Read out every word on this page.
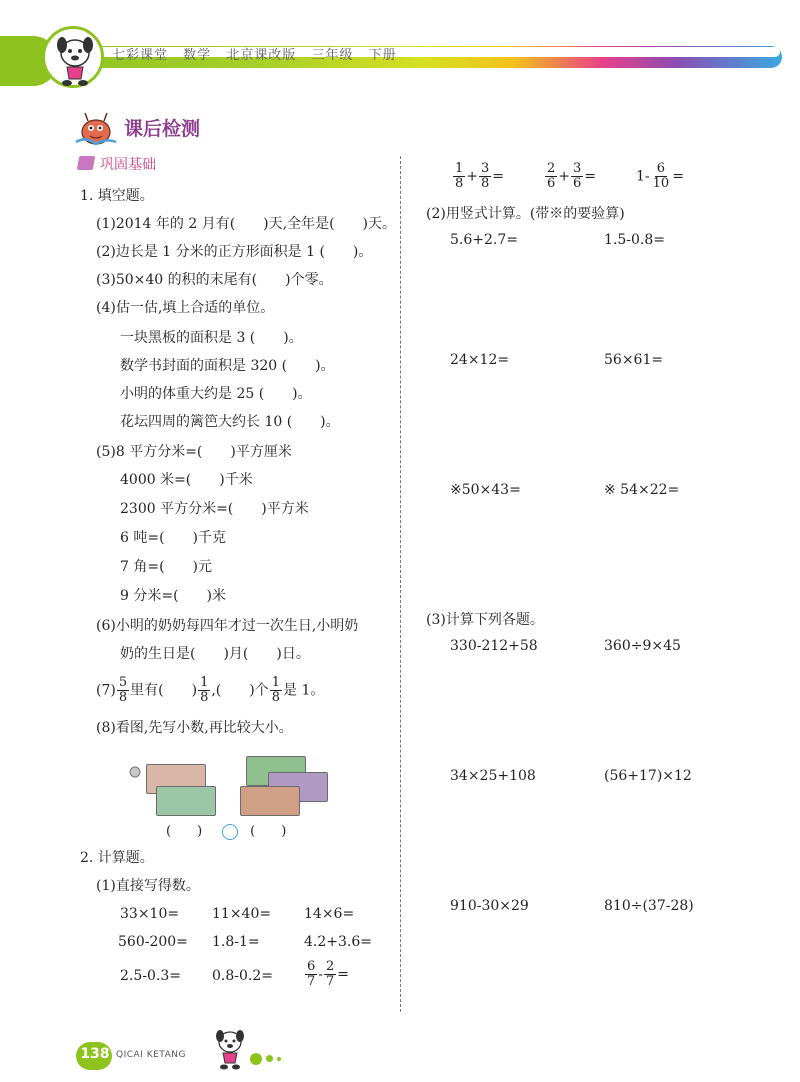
七彩课堂 数学 北京课改版 三年级 下册
课后检测
巩固基础
1. 填空题。
(1)2014 年的 2 月有(　　)天,全年是(　　)天。
(2)边长是 1 分米的正方形面积是 1 (　　)。
(3)50×40 的积的末尾有(　　)个零。
(4)估一估,填上合适的单位。
一块黑板的面积是 3 (　　)。
数学书封面的面积是 320 (　　)。
小明的体重大约是 25 (　　)。
花坛四周的篱笆大约长 10 (　　)。
(5)8 平方分米=(　　)平方厘米
4000 米=(　　)千米
2300 平方分米=(　　)平方米
6 吨=(　　)千克
7 角=(　　)元
9 分米=(　　)米
(6)小明的奶奶每四年才过一次生日,小明奶
奶的生日是(　　)月(　　)日。
$(7) \frac{5}{8}$ 里有(　　) $\frac{1}{8}$ ,(　　)个 $\frac{1}{8}$ 是 1。
(8)看图,先写小数,再比较大小。
(　　)	(　　)
2. 计算题。
(1)直接写得数。
33×10= 11×40= 14×6=
560-200= 1.8-1=	4.2+3.6=
$2.5-0.3= 0.8-0.2= \frac{6}{7} - \frac{2}{7}$ =
$\frac{1}{8} + \frac{3}{8}$ =	$\frac{2}{6} + \frac{3}{6}$ =	$1- \frac{6}{10}$ =
(2)用竖式计算。(带※的要验算)
5.6+2.7=	1.5-0.8=
24×12=	56×61=
※50×43=	※ 54×22=
(3)计算下列各题。
330-212+58	360÷9×45
34×25+108	(56+17)×12
910-30×29	810÷(37-28)
138 QICAI KETANG
